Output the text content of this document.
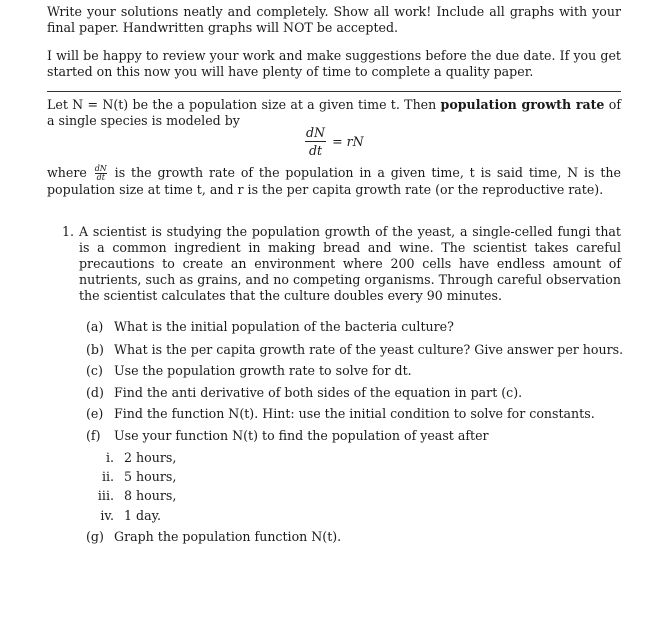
Write your solutions neatly and completely. Show all work! Include all graphs with your final paper. Handwritten graphs will NOT be accepted.

I will be happy to review your work and make suggestions before the due date. If you get started on this now you will have plenty of time to complete a quality paper.

Let N = N(t) be the a population size at a given time t. Then population growth rate of a single species is modeled by

$\frac{dN}{dt}$ = rN

where $\frac{dN}{dt}$ is the growth rate of the population in a given time, t is said time, N is the population size at time t, and r is the per capita growth rate (or the reproductive rate).

1. A scientist is studying the population growth of the yeast, a single-celled fungi that is a common ingredient in making bread and wine. The scientist takes careful precautions to create an environment where 200 cells have endless amount of nutrients, such as grains, and no competing organisms. Through careful observation the scientist calculates that the culture doubles every 90 minutes.

(a) What is the initial population of the bacteria culture?
(b) What is the per capita growth rate of the yeast culture? Give answer per hours.
(c) Use the population growth rate to solve for dt.
(d) Find the anti derivative of both sides of the equation in part (c).
(e) Find the function N(t). Hint: use the initial condition to solve for constants.
(f) Use your function N(t) to find the population of yeast after
i. 2 hours,
ii. 5 hours,
iii. 8 hours,
iv. 1 day.
(g) Graph the population function N(t).
